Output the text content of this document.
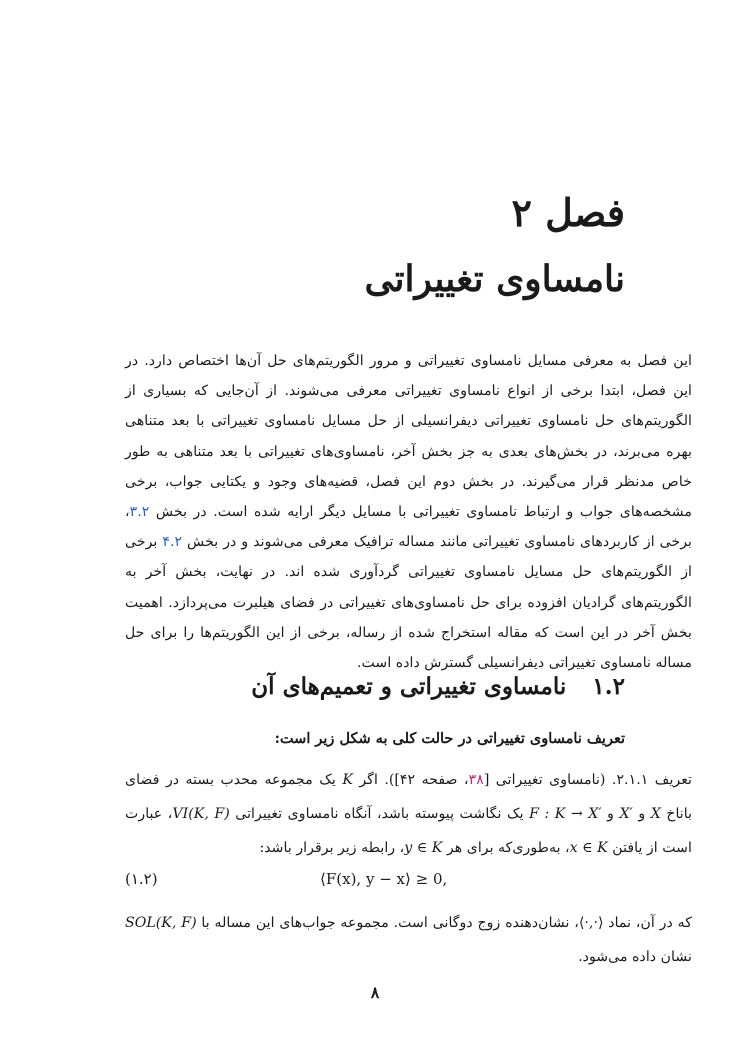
فصل ۲
نامساوی تغییراتی
این فصل به معرفی مسایل نامساوی تغییراتی و مرور الگوریتم‌های حل آن‌ها اختصاص دارد. در این فصل، ابتدا برخی از انواع نامساوی تغییراتی معرفی می‌شوند. از آن‌جایی که بسیاری از الگوریتم‌های حل نامساوی تغییراتی دیفرانسیلی از حل مسایل نامساوی تغییراتی با بعد متناهی بهره می‌برند، در بخش‌های بعدی به جز بخش آخر، نامساوی‌های تغییراتی با بعد متناهی به طور خاص مدنظر قرار می‌گیرند. در بخش دوم این فصل، قضیه‌های وجود و یکتایی جواب، برخی مشخصه‌های جواب و ارتباط نامساوی تغییراتی با مسایل دیگر ارایه شده است. در بخش ۳.۲، برخی از کاربردهای نامساوی تغییراتی مانند مساله ترافیک معرفی می‌شوند و در بخش ۴.۲ برخی از الگوریتم‌های حل مسایل نامساوی تغییراتی گردآوری شده اند. در نهایت، بخش آخر به الگوریتم‌های گرادیان افزوده برای حل نامساوی‌های تغییراتی در فضای هیلبرت می‌پردازد. اهمیت بخش آخر در این است که مقاله استخراج شده از رساله، برخی از این الگوریتم‌ها را برای حل مساله نامساوی تغییراتی دیفرانسیلی گسترش داده است.
۱.۲نامساوی تغییراتی و تعمیم‌های آن
تعریف نامساوی تغییراتی در حالت کلی به شکل زیر است:
تعریف ۲.۱.۱. (نامساوی تغییراتی [۳۸، صفحه ۴۲]). اگر K یک مجموعه محدب بسته در فضای باناخ X و X′ و F : K → X′ یک نگاشت پیوسته باشد، آنگاه نامساوی تغییراتی VI(K, F)، عبارت است از یافتن x ∈ K، به‌طوری‌که برای هر y ∈ K، رابطه زیر برقرار باشد:
⟨F(x), y − x⟩ ≥ 0,
(۱.۲)
که در آن، نماد ⟨·,·⟩، نشان‌دهنده زوج دوگانی است. مجموعه جواب‌های این مساله با SOL(K, F) نشان داده می‌شود.
۸
